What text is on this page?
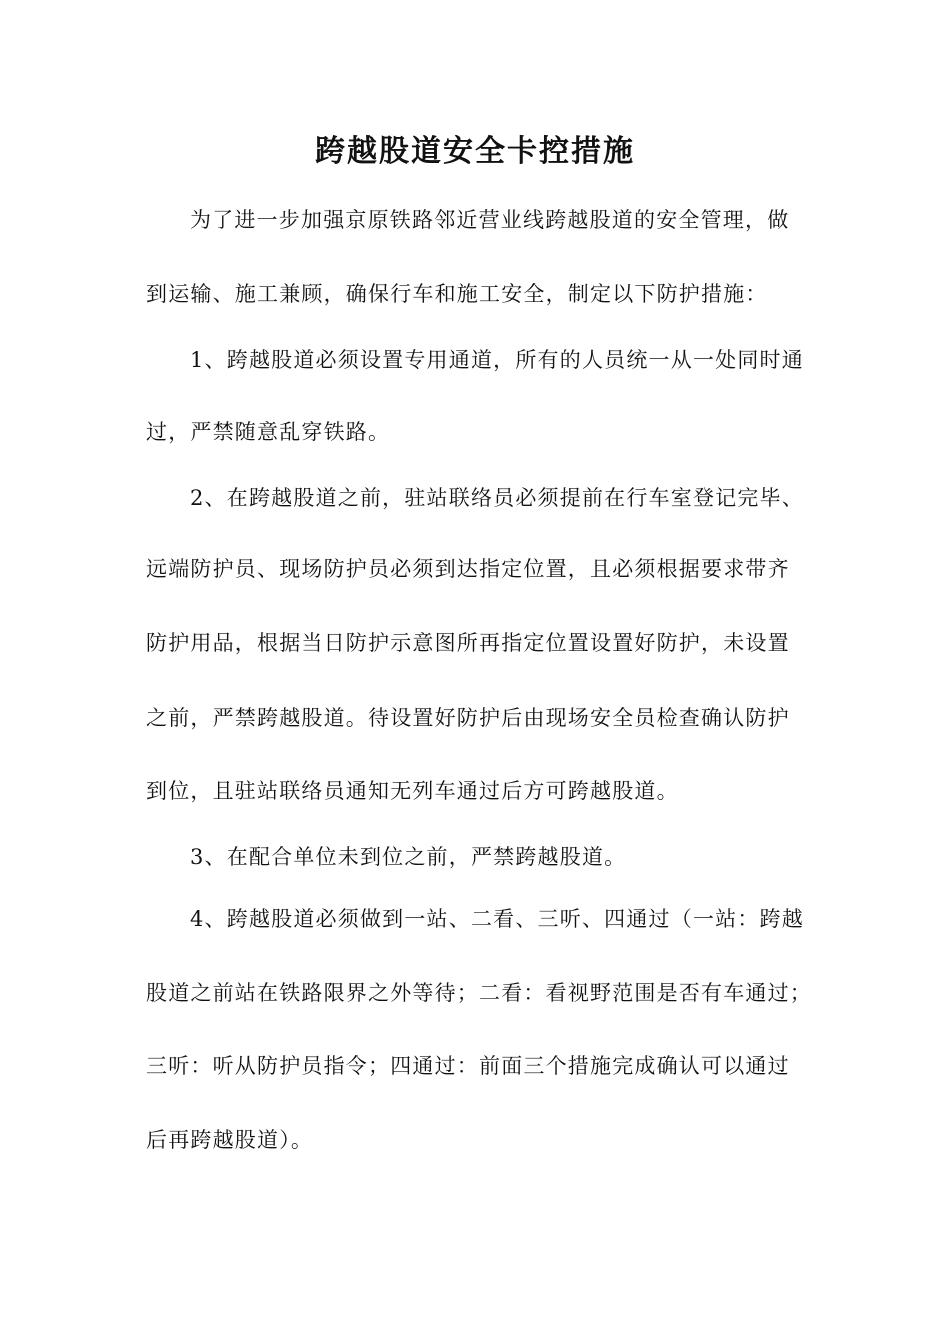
跨越股道安全卡控措施
为了进一步加强京原铁路邻近营业线跨越股道的安全管理，做
到运输、施工兼顾，确保行车和施工安全，制定以下防护措施：
1、跨越股道必须设置专用通道，所有的人员统一从一处同时通
过，严禁随意乱穿铁路。
2、在跨越股道之前，驻站联络员必须提前在行车室登记完毕、
远端防护员、现场防护员必须到达指定位置，且必须根据要求带齐
防护用品，根据当日防护示意图所再指定位置设置好防护，未设置
之前，严禁跨越股道。待设置好防护后由现场安全员检查确认防护
到位，且驻站联络员通知无列车通过后方可跨越股道。
3、在配合单位未到位之前，严禁跨越股道。
4、跨越股道必须做到一站、二看、三听、四通过（一站：跨越
股道之前站在铁路限界之外等待；二看：看视野范围是否有车通过；
三听：听从防护员指令；四通过：前面三个措施完成确认可以通过
后再跨越股道）。
